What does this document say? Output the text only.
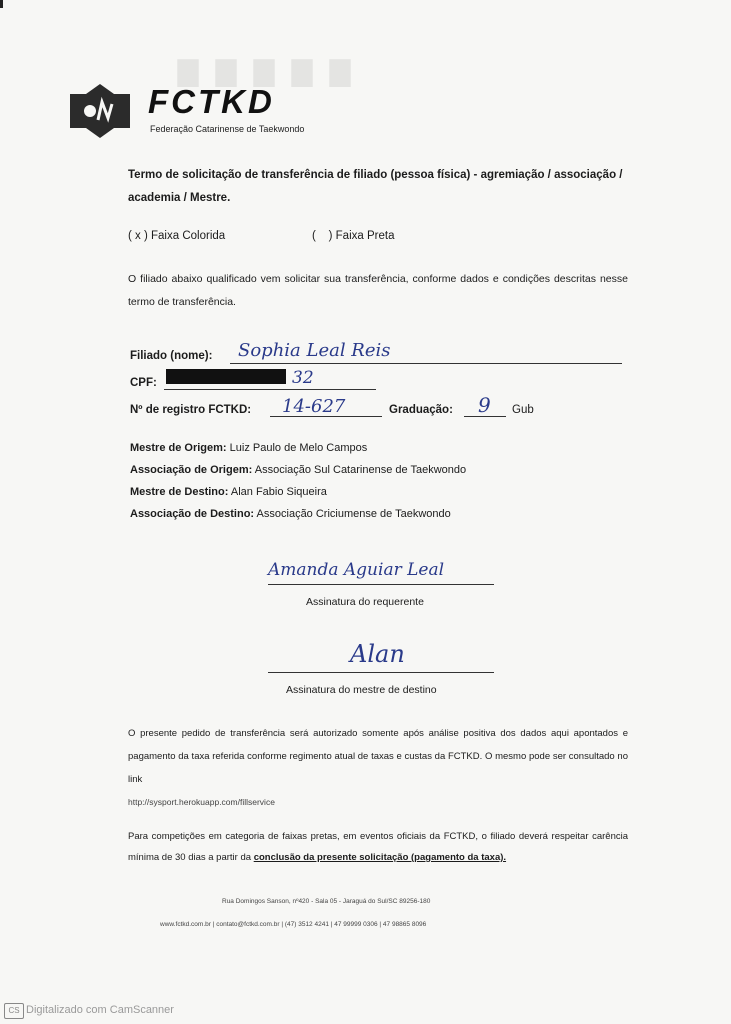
▇▇▇▇▇
FCTKD
Federação Catarinense de Taekwondo
Termo de solicitação de transferência de filiado (pessoa física) - agremiação / associação / academia / Mestre.
( x ) Faixa Colorida	(    ) Faixa Preta
O filiado abaixo qualificado vem solicitar sua transferência, conforme dados e condições descritas nesse termo de transferência.
Filiado (nome): Sophia Leal Reis
CPF:	32
Nº de registro FCTKD: 14-627	Graduação: 9 Gub
Mestre de Origem: Luiz Paulo de Melo Campos
Associação de Origem: Associação Sul Catarinense de Taekwondo
Mestre de Destino: Alan Fabio Siqueira
Associação de Destino: Associação Criciumense de Taekwondo
Amanda Aguiar Leal
Assinatura do requerente
Alan
Assinatura do mestre de destino
O presente pedido de transferência será autorizado somente após análise positiva dos dados aqui apontados e pagamento da taxa referida conforme regimento atual de taxas e custas da FCTKD. O mesmo pode ser consultado no link
http://sysport.herokuapp.com/fillservice
Para competições em categoria de faixas pretas, em eventos oficiais da FCTKD, o filiado deverá respeitar carência mínima de 30 dias a partir da conclusão da presente solicitação (pagamento da taxa).
Rua Domingos Sanson, nº420 - Sala 05 - Jaraguá do Sul/SC 89256-180
www.fctkd.com.br | contato@fctkd.com.br | (47) 3512 4241 | 47 99999 0306 | 47 98865 8096
CS Digitalizado com CamScanner
